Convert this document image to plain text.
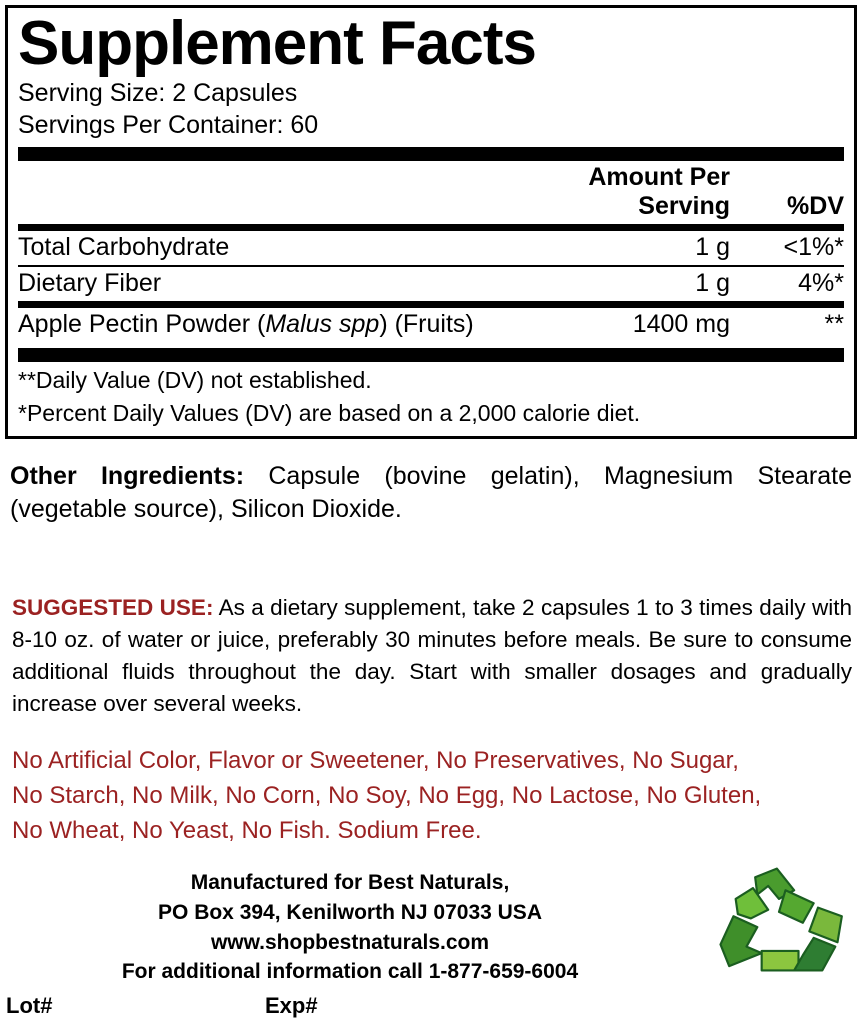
Supplement Facts
Serving Size: 2 Capsules
Servings Per Container: 60
	Amount Per Serving	%DV
Total Carbohydrate	1 g	<1%*
Dietary Fiber	1 g	4%*
Apple Pectin Powder (Malus spp) (Fruits)	1400 mg	**
**Daily Value (DV) not established.
*Percent Daily Values (DV) are based on a 2,000 calorie diet.
Other Ingredients: Capsule (bovine gelatin), Magnesium Stearate (vegetable source), Silicon Dioxide.
SUGGESTED USE: As a dietary supplement, take 2 capsules 1 to 3 times daily with 8-10 oz. of water or juice, preferably 30 minutes before meals. Be sure to consume additional fluids throughout the day. Start with smaller dosages and gradually increase over several weeks.
No Artificial Color, Flavor or Sweetener, No Preservatives, No Sugar,
No Starch, No Milk, No Corn, No Soy, No Egg, No Lactose, No Gluten,
No Wheat, No Yeast, No Fish. Sodium Free.
Manufactured for Best Naturals,
PO Box 394, Kenilworth NJ 07033 USA
www.shopbestnaturals.com
For additional information call 1-877-659-6004
Lot#	Exp#
